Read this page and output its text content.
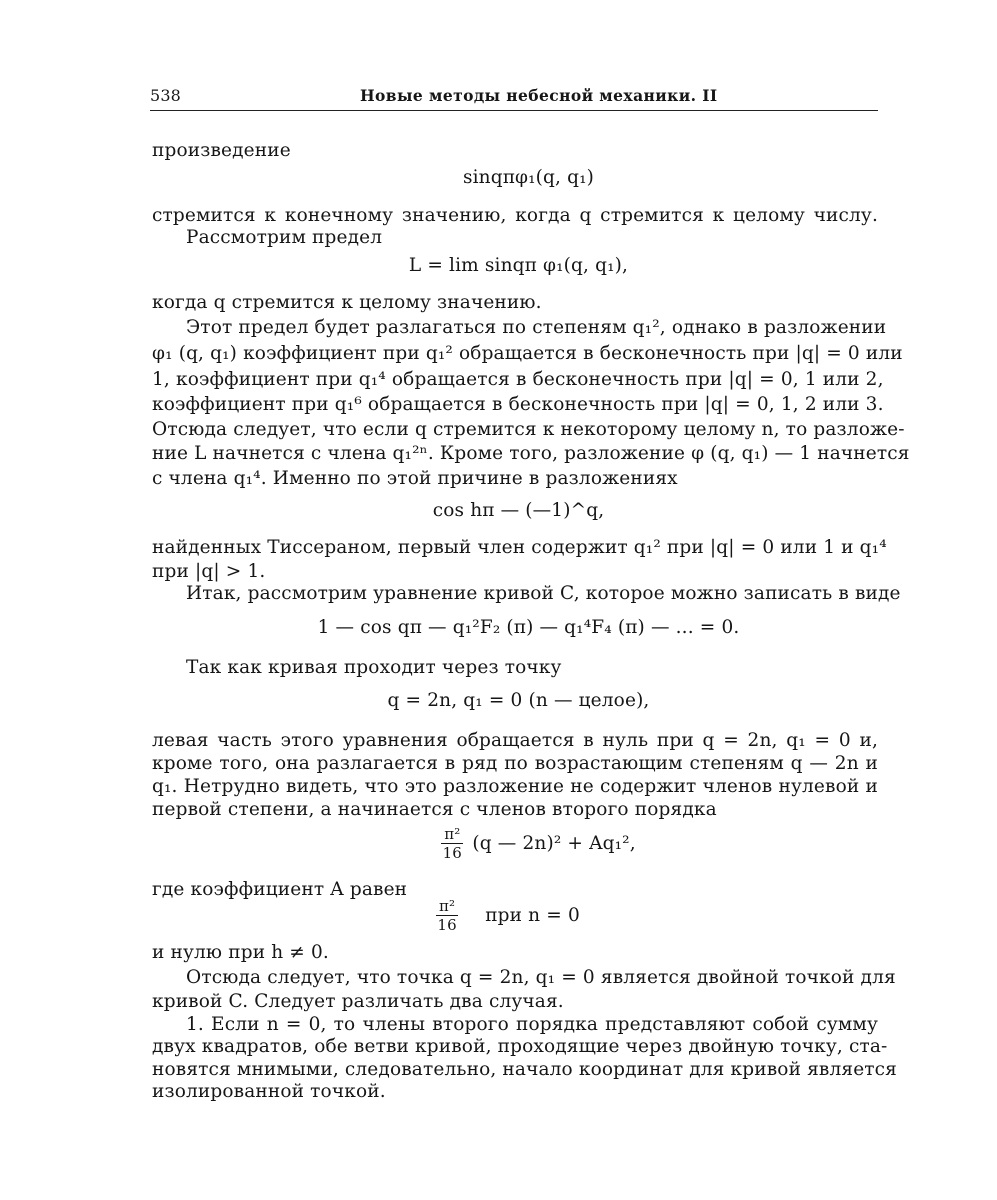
538	Новые методы небесной механики. II
произведение
sinqπφ₁(q, q₁)
стремится к конечному значению, когда q стремится к целому числу.
Рассмотрим предел
L = lim sinqπ φ₁(q, q₁),
когда q стремится к целому значению.
Этот предел будет разлагаться по степеням q₁², однако в разложении
φ₁ (q, q₁) коэффициент при q₁² обращается в бесконечность при |q| = 0 или
1, коэффициент при q₁⁴ обращается в бесконечность при |q| = 0, 1 или 2,
коэффициент при q₁⁶ обращается в бесконечность при |q| = 0, 1, 2 или 3.
Отсюда следует, что если q стремится к некоторому целому n, то разложе-
ние L начнется с члена q₁²ⁿ. Кроме того, разложение φ (q, q₁) — 1 начнется
с члена q₁⁴. Именно по этой причине в разложениях
cos hπ — (—1)^q,
найденных Тиссераном, первый член содержит q₁² при |q| = 0 или 1 и q₁⁴
при |q| > 1.
Итак, рассмотрим уравнение кривой C, которое можно записать в виде
1 — cos qπ — q₁²F₂ (π) — q₁⁴F₄ (π) — ... = 0.
Так как кривая проходит через точку
q = 2n, q₁ = 0 (n — целое),
левая часть этого уравнения обращается в нуль при q = 2n, q₁ = 0 и,
кроме того, она разлагается в ряд по возрастающим степеням q — 2n и
q₁. Нетрудно видеть, что это разложение не содержит членов нулевой и
первой степени, а начинается с членов второго порядка
$\frac{\text{π²}}{16} (q$ — 2n)² + Aq₁²,
где коэффициент A равен
$\frac{\text{π²}}{16}$ при n = 0
и нулю при h ≠ 0.
Отсюда следует, что точка q = 2n, q₁ = 0 является двойной точкой для
кривой C. Следует различать два случая.
1. Если n = 0, то члены второго порядка представляют собой сумму
двух квадратов, обе ветви кривой, проходящие через двойную точку, ста-
новятся мнимыми, следовательно, начало координат для кривой является
изолированной точкой.
